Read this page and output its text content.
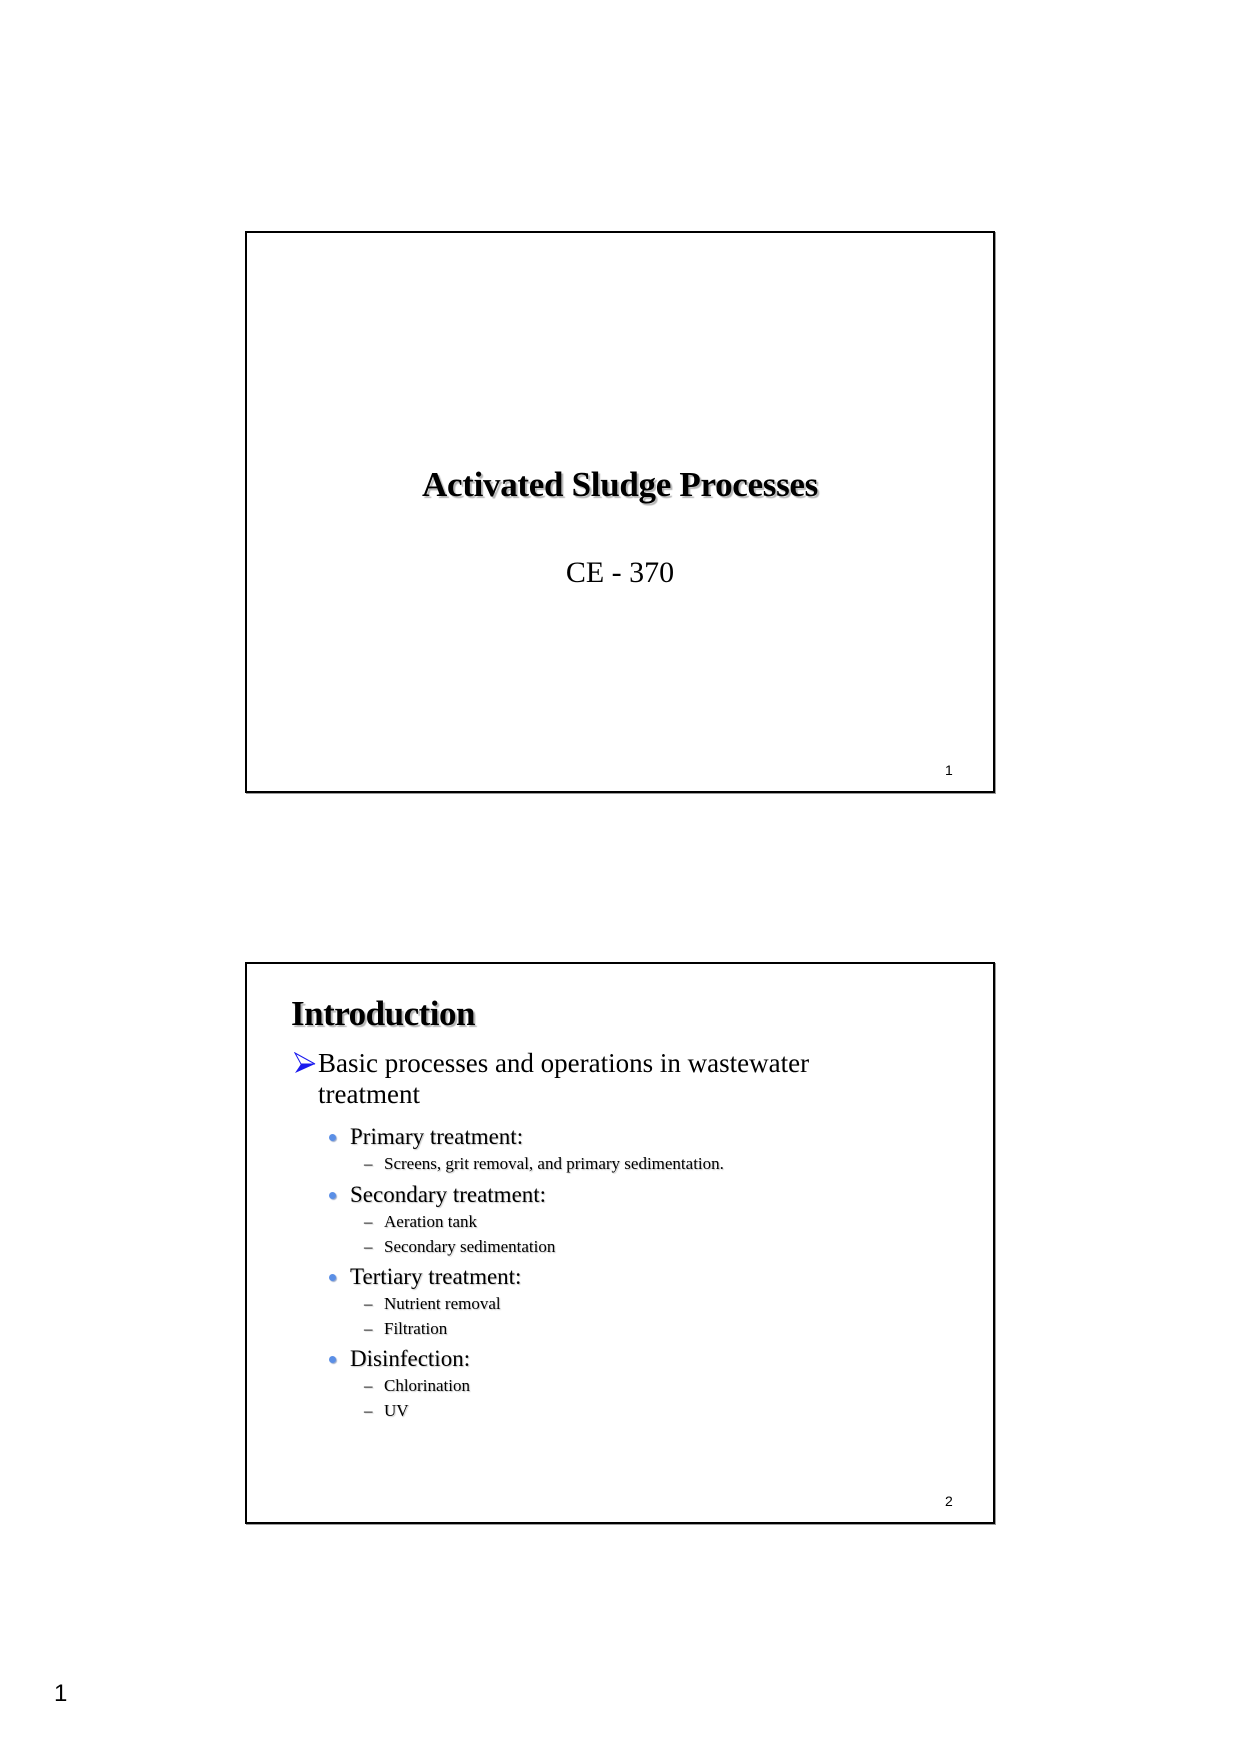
Activated Sludge Processes
CE - 370
1
Introduction
Basic processes and operations in wastewater treatment
Primary treatment:
– Screens, grit removal, and primary sedimentation.
Secondary treatment:
– Aeration tank
– Secondary sedimentation
Tertiary treatment:
– Nutrient removal
– Filtration
Disinfection:
– Chlorination
– UV
2
1
